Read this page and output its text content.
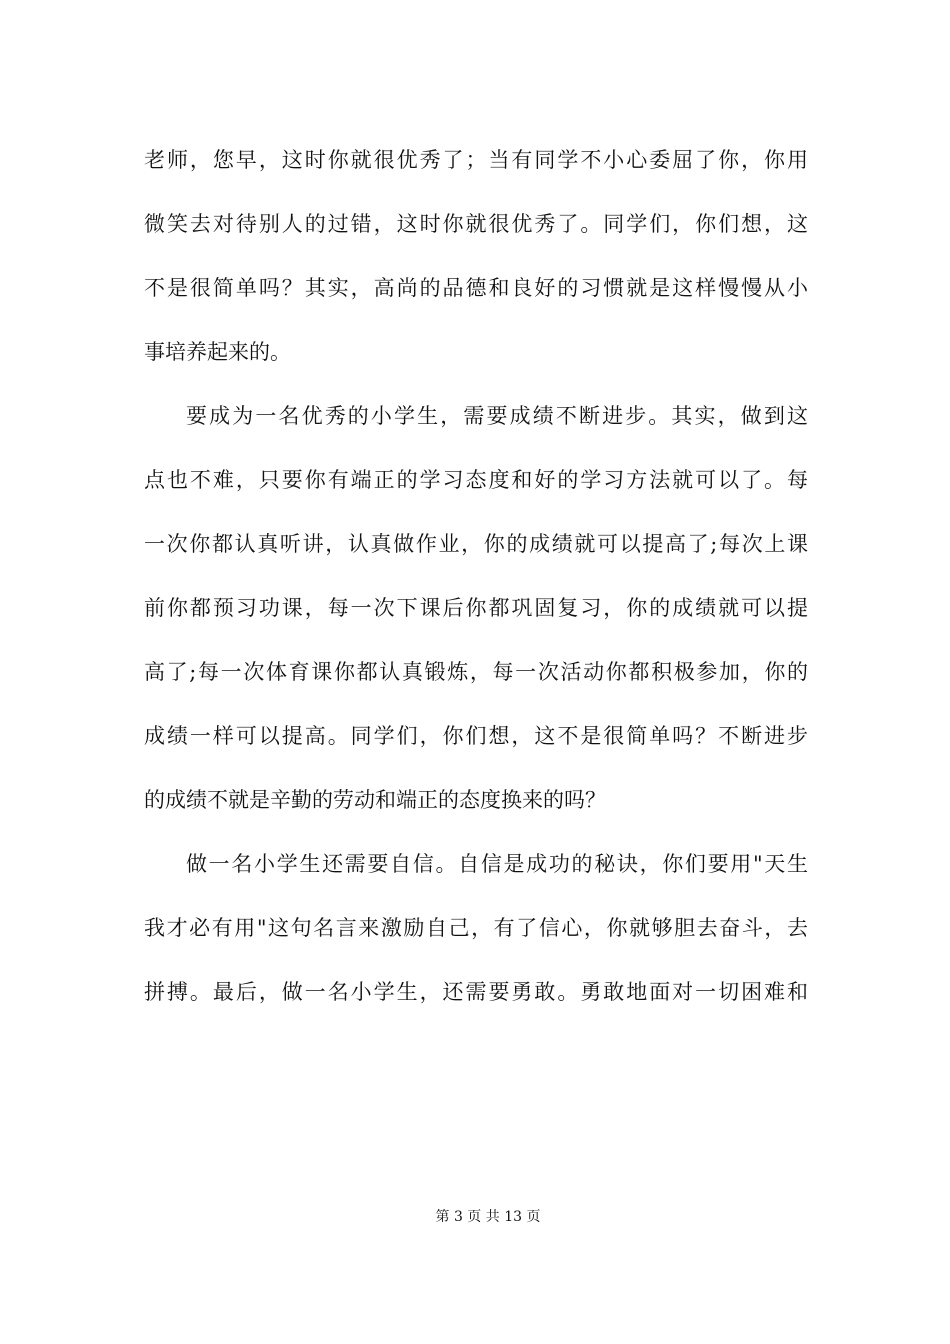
老师，您早，这时你就很优秀了；当有同学不小心委屈了你，你用
微笑去对待别人的过错，这时你就很优秀了。同学们，你们想，这
不是很简单吗？其实，高尚的品德和良好的习惯就是这样慢慢从小
事培养起来的。
要成为一名优秀的小学生，需要成绩不断进步。其实，做到这
点也不难，只要你有端正的学习态度和好的学习方法就可以了。每
一次你都认真听讲，认真做作业，你的成绩就可以提高了;每次上课
前你都预习功课，每一次下课后你都巩固复习，你的成绩就可以提
高了;每一次体育课你都认真锻炼，每一次活动你都积极参加，你的
成绩一样可以提高。同学们，你们想，这不是很简单吗？不断进步
的成绩不就是辛勤的劳动和端正的态度换来的吗？
做一名小学生还需要自信。自信是成功的秘诀，你们要用"天生
我才必有用"这句名言来激励自己，有了信心，你就够胆去奋斗，去
拼搏。最后，做一名小学生，还需要勇敢。勇敢地面对一切困难和
第 3 页 共 13 页
